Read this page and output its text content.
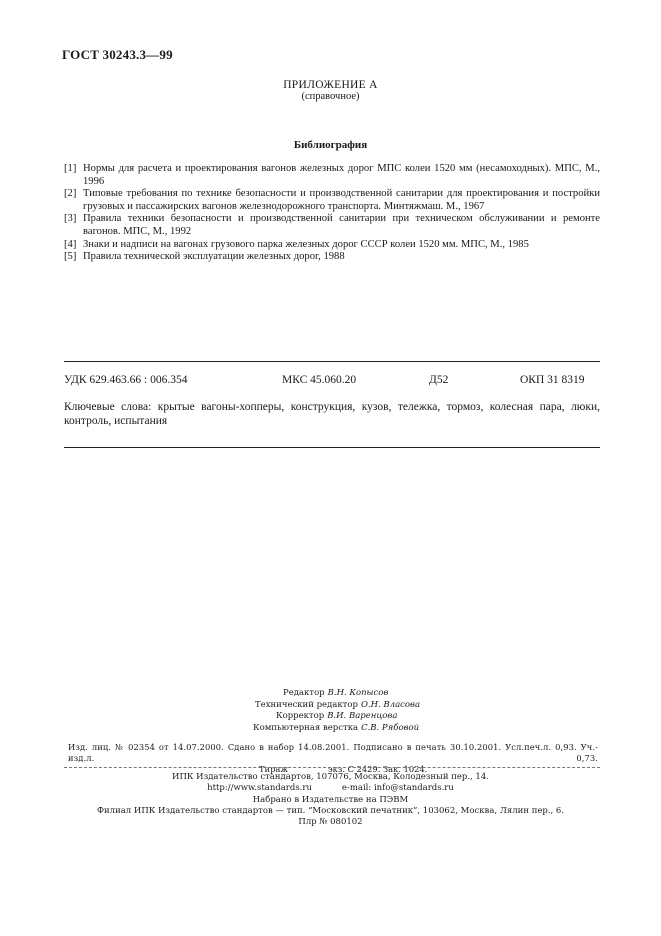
ГОСТ 30243.3—99
ПРИЛОЖЕНИЕ А
(справочное)
Библиография
[1] Нормы для расчета и проектирования вагонов железных дорог МПС колеи 1520 мм (несамоходных). МПС, М., 1996
[2] Типовые требования по технике безопасности и производственной санитарии для проектирования и постройки грузовых и пассажирских вагонов железнодорожного транспорта. Минтяжмаш. М., 1967
[3] Правила техники безопасности и производственной санитарии при техническом обслуживании и ремонте вагонов. МПС, М., 1992
[4] Знаки и надписи на вагонах грузового парка железных дорог СССР колеи 1520 мм. МПС, М., 1985
[5] Правила технической эксплуатации железных дорог, 1988
УДК 629.463.66 : 006.354	МКС 45.060.20	Д52	ОКП 31 8319
Ключевые слова: крытые вагоны-хопперы, конструкция, кузов, тележка, тормоз, колесная пара, люки, контроль, испытания
Редактор В.Н. Копысов
Технический редактор О.Н. Власова
Корректор В.И. Варенцова
Компьютерная верстка С.В. Рябовой
Изд. лиц. № 02354 от 14.07.2000. Сдано в набор 14.08.2001. Подписано в печать 30.10.2001. Усл.печ.л. 0,93. Уч.-изд.л. 0,73.
Тираж	экз. С 2429. Зак. 1024.
ИПК Издательство стандартов, 107076, Москва, Колодезный пер., 14.
http://www.standards.ru	e-mail: info@standards.ru
Набрано в Издательстве на ПЭВМ
Филиал ИПК Издательство стандартов — тип. “Московский печатник”, 103062, Москва, Лялин пер., 6.
Плр № 080102
